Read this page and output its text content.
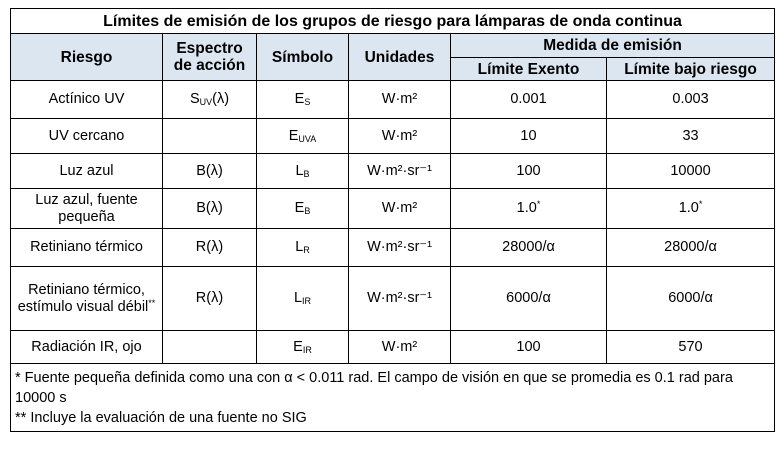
Límites de emisión de los grupos de riesgo para lámparas de onda continua					
Riesgo	Espectro de acción	Símbolo	Unidades	Medida de emisión	
				Límite Exento	Límite bajo riesgo
Actínico UV	$S_{UV}(\lambda)$	$E_S$	W·m²	0.001	0.003
UV cercano		$E_{UVA}$	W·m²	10	33
Luz azul	B(λ)	$L_B$	W·m²·sr⁻¹	100	10000
Luz azul, fuente pequeña	B(λ)	$E_B$	W·m²	1.0*	1.0*
Retiniano térmico	R(λ)	$L_R$	W·m²·sr⁻¹	28000/α	28000/α
Retiniano térmico, estímulo visual débil**	R(λ)	$L_{IR}$	W·m²·sr⁻¹	6000/α	6000/α
Radiación IR, ojo		$E_{IR}$	W·m²	100	570

* Fuente pequeña definida como una con α < 0.011 rad. El campo de visión en que se promedia es 0.1 rad para 10000 s
** Incluye la evaluación de una fuente no SIG					
